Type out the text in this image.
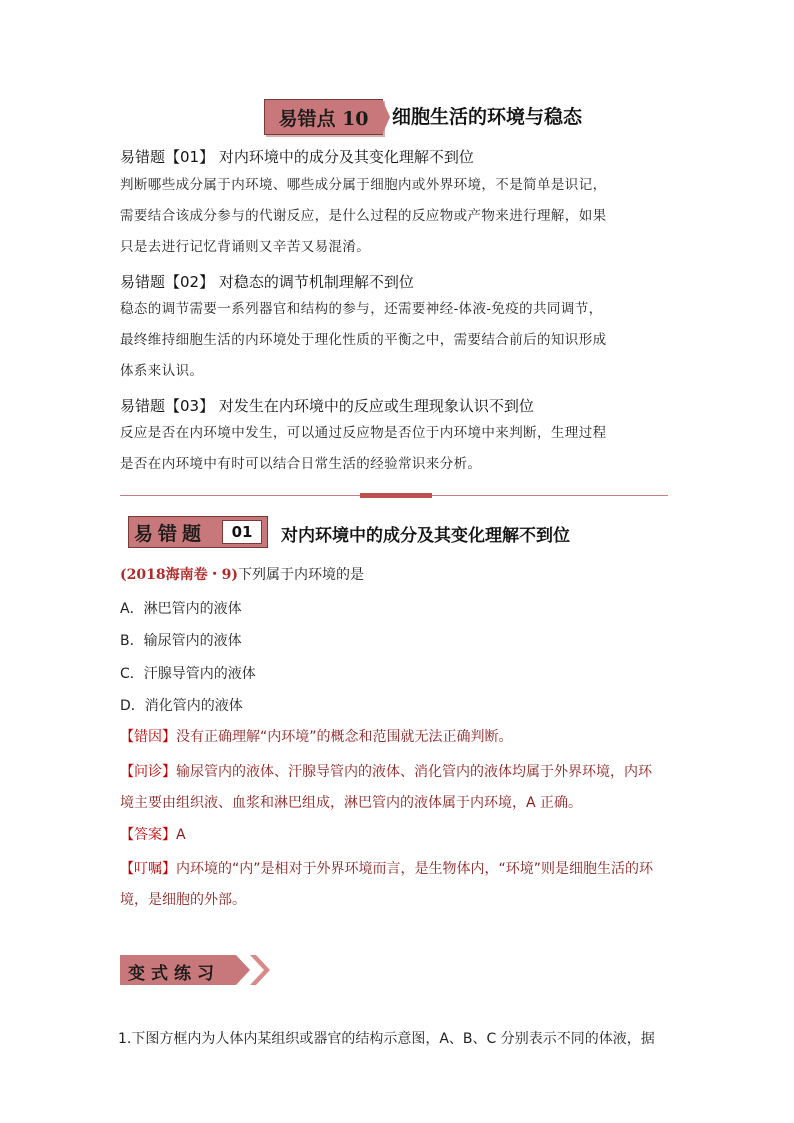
易错点 10 细胞生活的环境与稳态
易错题【01】 对内环境中的成分及其变化理解不到位
判断哪些成分属于内环境、哪些成分属于细胞内或外界环境，不是简单是识记，
需要结合该成分参与的代谢反应，是什么过程的反应物或产物来进行理解，如果
只是去进行记忆背诵则又辛苦又易混淆。
易错题【02】 对稳态的调节机制理解不到位
稳态的调节需要一系列器官和结构的参与，还需要神经-体液-免疫的共同调节，
最终维持细胞生活的内环境处于理化性质的平衡之中，需要结合前后的知识形成
体系来认识。
易错题【03】 对发生在内环境中的反应或生理现象认识不到位
反应是否在内环境中发生，可以通过反应物是否位于内环境中来判断，生理过程
是否在内环境中有时可以结合日常生活的经验常识来分析。
易错题	01	对内环境中的成分及其变化理解不到位
(2018海南卷・9)下列属于内环境的是
A．淋巴管内的液体
B．输尿管内的液体
C．汗腺导管内的液体
D．消化管内的液体
【错因】没有正确理解“内环境”的概念和范围就无法正确判断。
【问诊】输尿管内的液体、汗腺导管内的液体、消化管内的液体均属于外界环境，内环
境主要由组织液、血浆和淋巴组成，淋巴管内的液体属于内环境，A 正确。
【答案】A
【叮嘱】内环境的“内”是相对于外界环境而言，是生物体内，“环境”则是细胞生活的环
境，是细胞的外部。
变式练习
1.下图方框内为人体内某组织或器官的结构示意图，A、B、C 分别表示不同的体液，据
